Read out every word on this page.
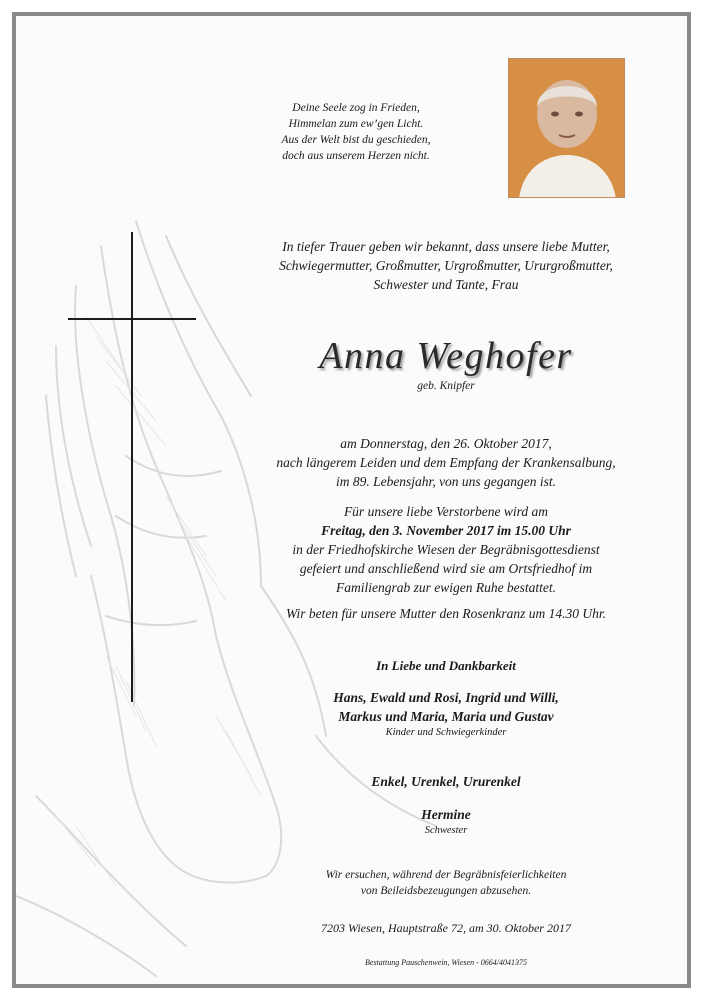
Deine Seele zog in Frieden,
Himmelan zum ew’gen Licht.
Aus der Welt bist du geschieden,
doch aus unserem Herzen nicht.
In tiefer Trauer geben wir bekannt, dass unsere liebe Mutter,
Schwiegermutter, Großmutter, Urgroßmutter, Ururgroßmutter,
Schwester und Tante, Frau
Anna Weghofer
geb. Knipfer
am Donnerstag, den 26. Oktober 2017,
nach längerem Leiden und dem Empfang der Krankensalbung,
im 89. Lebensjahr, von uns gegangen ist.
Für unsere liebe Verstorbene wird am
Freitag, den 3. November 2017 im 15.00 Uhr
in der Friedhofskirche Wiesen der Begräbnisgottesdienst
gefeiert und anschließend wird sie am Ortsfriedhof im
Familiengrab zur ewigen Ruhe bestattet.
Wir beten für unsere Mutter den Rosenkranz um 14.30 Uhr.
In Liebe und Dankbarkeit
Hans, Ewald und Rosi, Ingrid und Willi,
Markus und Maria, Maria und Gustav
Kinder und Schwiegerkinder
Enkel, Urenkel, Ururenkel
Hermine
Schwester
Wir ersuchen, während der Begräbnisfeierlichkeiten
von Beileidsbezeugungen abzusehen.
7203 Wiesen, Hauptstraße 72, am 30. Oktober 2017
Bestattung Pauschenwein, Wiesen - 0664/4041375
